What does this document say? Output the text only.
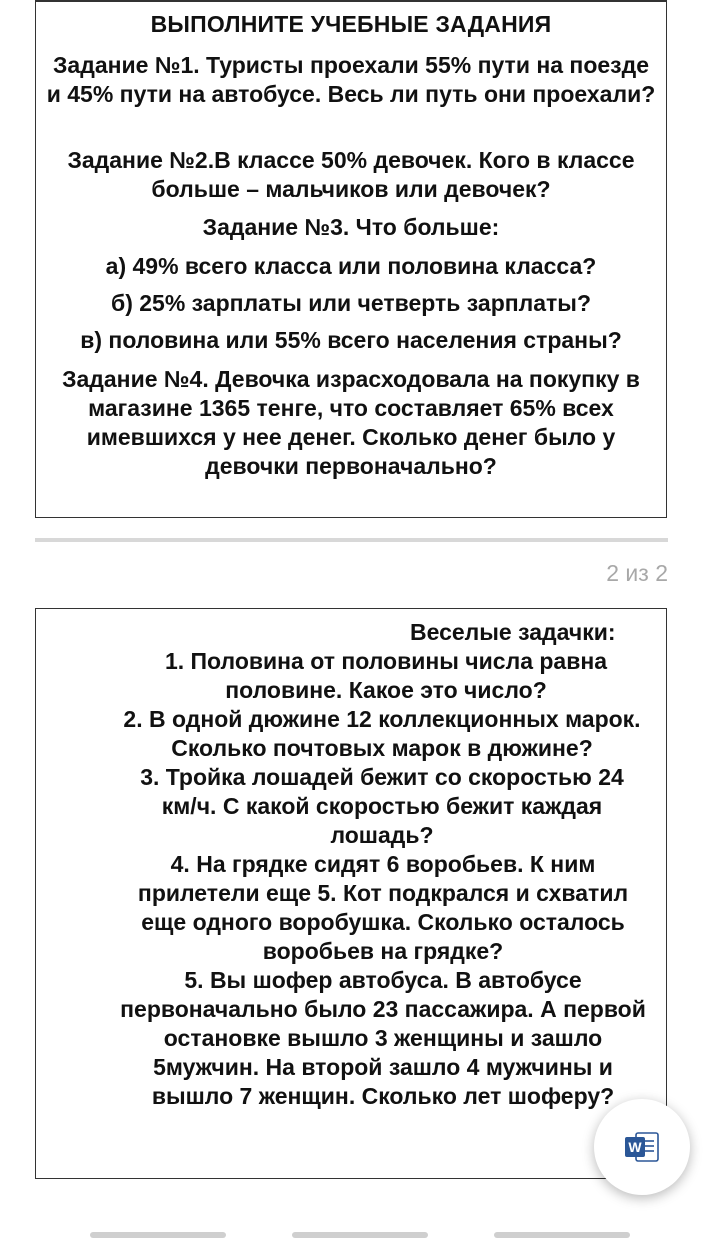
ВЫПОЛНИТЕ УЧЕБНЫЕ ЗАДАНИЯ

Задание №1. Туристы проехали 55% пути на поезде и 45% пути на автобусе. Весь ли путь они проехали?

Задание №2.В классе 50% девочек. Кого в классе больше – мальчиков или девочек?

Задание №3. Что больше:

а) 49% всего класса или половина класса?

б) 25% зарплаты или четверть зарплаты?

в) половина или 55% всего населения страны?

Задание №4. Девочка израсходовала на покупку в магазине 1365 тенге, что составляет 65% всех имевшихся у нее денег. Сколько денег было у девочки первоначально?

2 из 2

Веселые задачки:

1. Половина от половины числа равна половине. Какое это число?

2. В одной дюжине 12 коллекционных марок. Сколько почтовых марок в дюжине?

3. Тройка лошадей бежит со скоростью 24 км/ч. С какой скоростью бежит каждая лошадь?

4. На грядке сидят 6 воробьев. К ним прилетели еще 5. Кот подкрался и схватил еще одного воробушка. Сколько осталось воробьев на грядке?

5. Вы шофер автобуса. В автобусе первоначально было 23 пассажира. А первой остановке вышло 3 женщины и зашло 5мужчин. На второй зашло 4 мужчины и вышло 7 женщин. Сколько лет шоферу?

W
